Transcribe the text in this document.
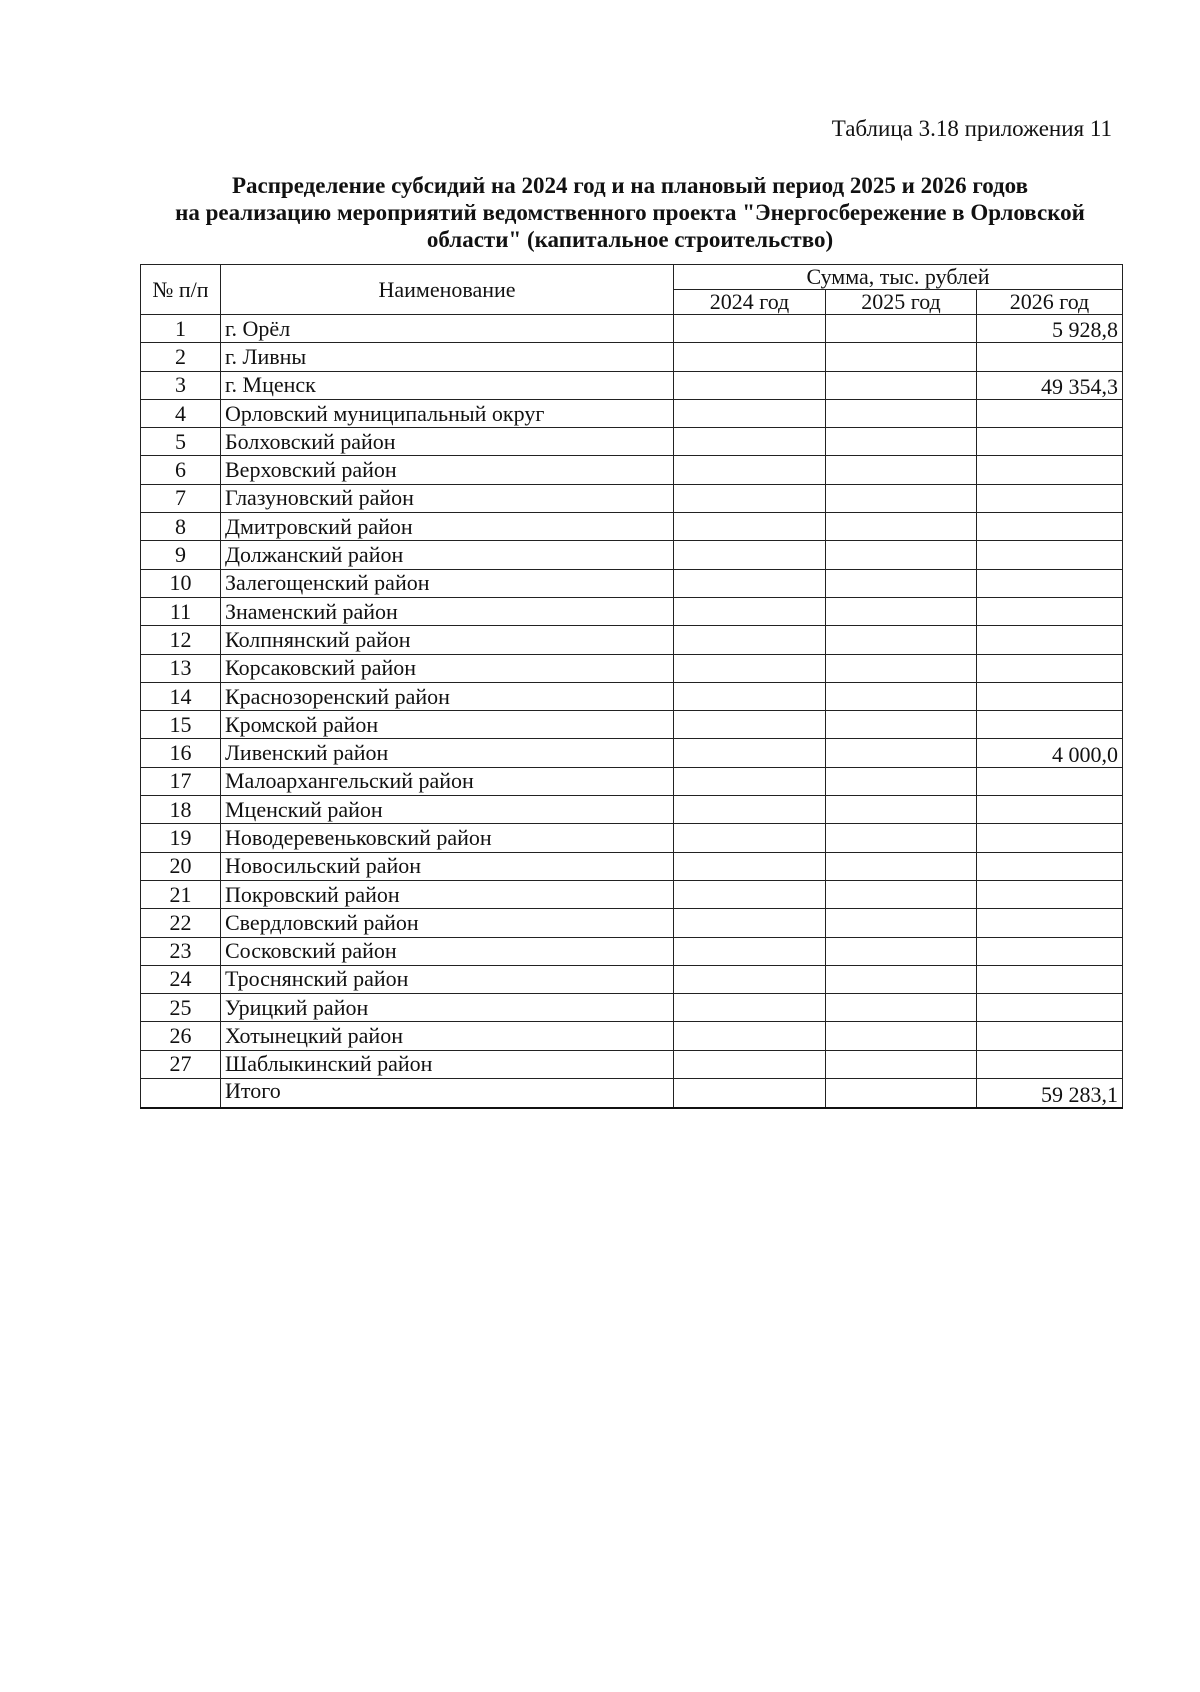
Таблица 3.18 приложения 11
Распределение субсидий на 2024 год и на плановый период 2025 и 2026 годов
на реализацию мероприятий ведомственного проекта "Энергосбережение в Орловской
области" (капитальное строительство)
№ п/п	Наименование	Сумма, тыс. рублей		
		2024 год	2025 год	2026 год
1	г. Орёл			5 928,8
2	г. Ливны			
3	г. Мценск			49 354,3
4	Орловский муниципальный округ			
5	Болховский район			
6	Верховский район			
7	Глазуновский район			
8	Дмитровский район			
9	Должанский район			
10	Залегощенский район			
11	Знаменский район			
12	Колпнянский район			
13	Корсаковский район			
14	Краснозоренский район			
15	Кромской район			
16	Ливенский район			4 000,0
17	Малоархангельский район			
18	Мценский район			
19	Новодеревеньковский район			
20	Новосильский район			
21	Покровский район			
22	Свердловский район			
23	Сосковский район			
24	Троснянский район			
25	Урицкий район			
26	Хотынецкий район			
27	Шаблыкинский район			
	Итого			59 283,1
